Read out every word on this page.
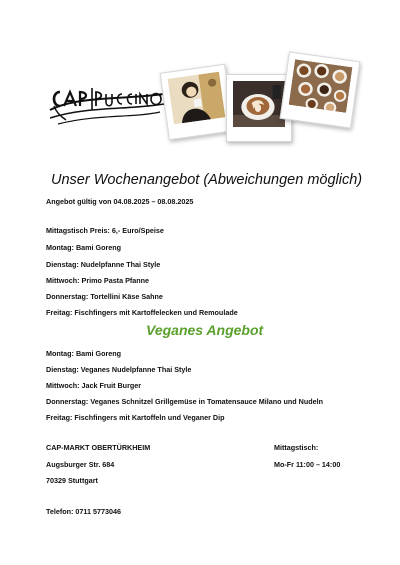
Unser Wochenangebot (Abweichungen möglich)
Angebot gültig von 04.08.2025 – 08.08.2025
Mittagstisch Preis: 6,- Euro/Speise
Montag: Bami Goreng
Dienstag: Nudelpfanne Thai Style
Mittwoch: Primo Pasta Pfanne
Donnerstag: Tortellini Käse Sahne
Freitag: Fischfingers mit Kartoffelecken und Remoulade
Veganes Angebot
Montag: Bami Goreng
Dienstag: Veganes Nudelpfanne Thai Style
Mittwoch: Jack Fruit Burger
Donnerstag: Veganes Schnitzel Grillgemüse in Tomatensauce Milano und Nudeln
Freitag: Fischfingers mit Kartoffeln und Veganer Dip
CAP-MARKT OBERTÜRKHEIM
Augsburger Str. 684
70329 Stuttgart
Telefon: 0711 5773046
Mittagstisch:
Mo-Fr 11:00 – 14:00
